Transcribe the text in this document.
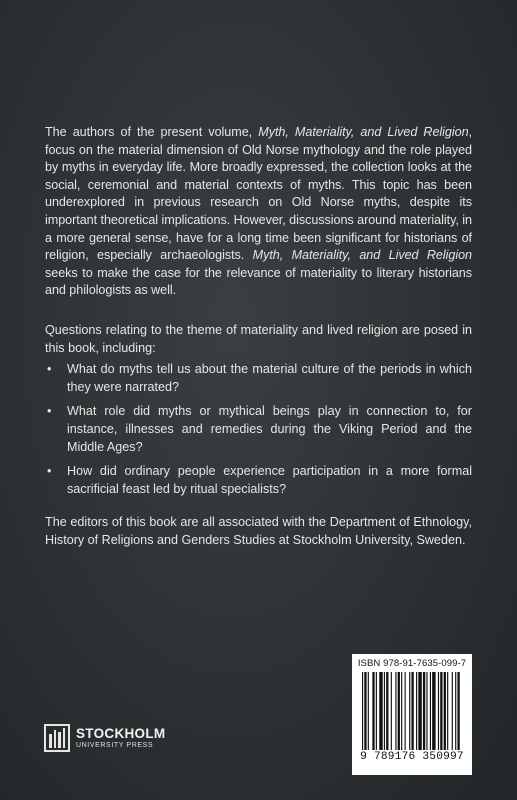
The authors of the present volume, Myth, Materiality, and Lived Religion, focus on the material dimension of Old Norse mythology and the role played by myths in everyday life. More broadly expressed, the collection looks at the social, ceremonial and material contexts of myths. This topic has been underexplored in previous research on Old Norse myths, despite its important theoretical implications. However, discussions around materiality, in a more general sense, have for a long time been significant for historians of religion, especially archaeologists. Myth, Materiality, and Lived Religion seeks to make the case for the relevance of materiality to literary historians and philologists as well.

Questions relating to the theme of materiality and lived religion are posed in this book, including:

• What do myths tell us about the material culture of the periods in which they were narrated?
• What role did myths or mythical beings play in connection to, for instance, illnesses and remedies during the Viking Period and the Middle Ages?
• How did ordinary people experience participation in a more formal sacrificial feast led by ritual specialists?

The editors of this book are all associated with the Department of Ethnology, History of Religions and Genders Studies at Stockholm University, Sweden.

STOCKHOLM
UNIVERSITY PRESS
ISBN 978-91-7635-099-7
9 789176 350997
